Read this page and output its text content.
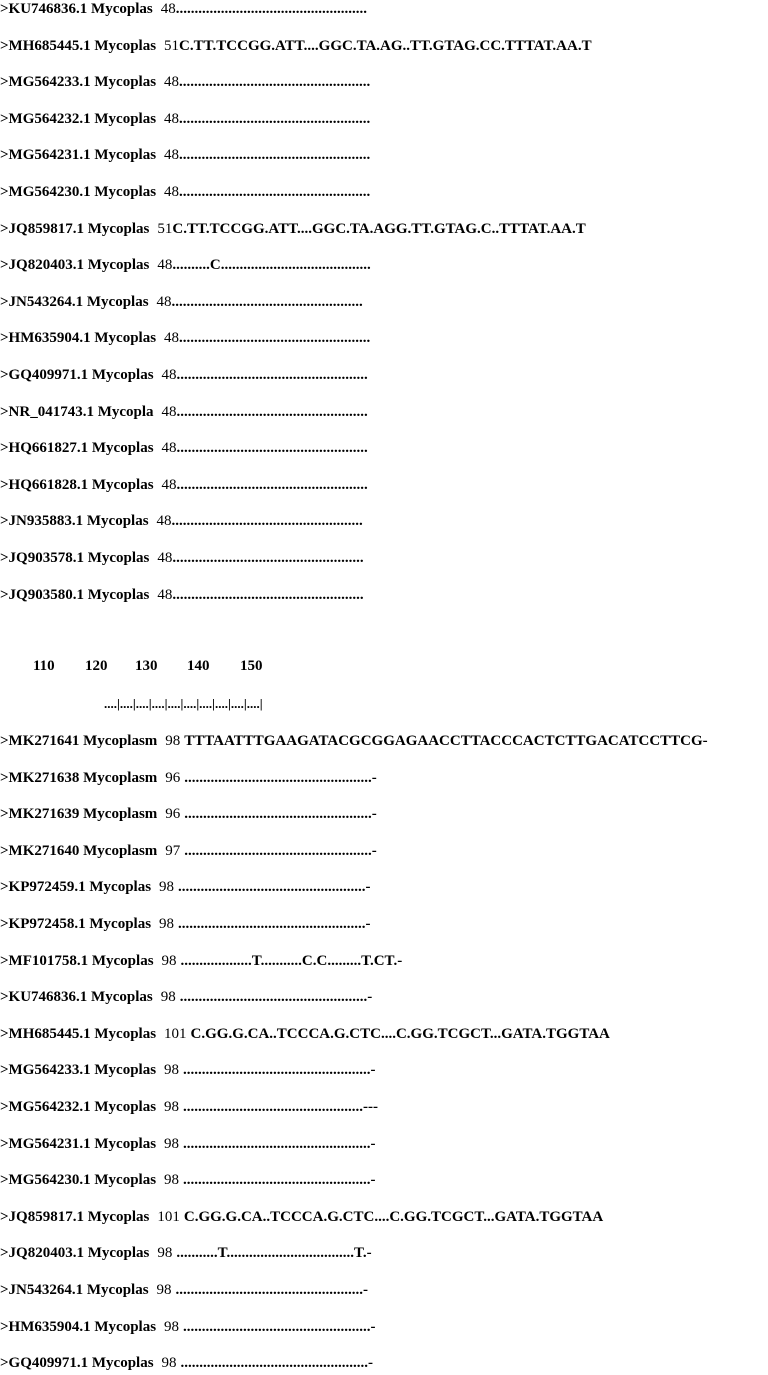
>KU746836.1 Mycoplas 48...................................................
>MH685445.1 Mycoplas 51C.TT.TCCGG.ATT....GGC.TA.AG..TT.GTAG.CC.TTTAT.AA.T
>MG564233.1 Mycoplas 48...................................................
>MG564232.1 Mycoplas 48...................................................
>MG564231.1 Mycoplas 48...................................................
>MG564230.1 Mycoplas 48...................................................
>JQ859817.1 Mycoplas 51C.TT.TCCGG.ATT....GGC.TA.AGG.TT.GTAG.C..TTTAT.AA.T
>JQ820403.1 Mycoplas 48..........C........................................
>JN543264.1 Mycoplas 48...................................................
>HM635904.1 Mycoplas 48...................................................
>GQ409971.1 Mycoplas 48...................................................
>NR_041743.1 Mycopla 48...................................................
>HQ661827.1 Mycoplas 48...................................................
>HQ661828.1 Mycoplas 48...................................................
>JN935883.1 Mycoplas 48...................................................
>JQ903578.1 Mycoplas 48...................................................
>JQ903580.1 Mycoplas 48...................................................
110 120 130 140 150
....|....|....|....|....|....|....|....|....|....|
>MK271641 Mycoplasm 98 TTTAATTTGAAGATACGCGGAGAACCTTACCCACTCTTGACATCCTTCG-
>MK271638 Mycoplasm 96 ..................................................-
>MK271639 Mycoplasm 96 ..................................................-
>MK271640 Mycoplasm 97 ..................................................-
>KP972459.1 Mycoplas 98 ..................................................-
>KP972458.1 Mycoplas 98 ..................................................-
>MF101758.1 Mycoplas 98 ...................T...........C.C.........T.CT.-
>KU746836.1 Mycoplas 98 ..................................................-
>MH685445.1 Mycoplas 101 C.GG.G.CA..TCCCA.G.CTC....C.GG.TCGCT...GATA.TGGTAA
>MG564233.1 Mycoplas 98 ..................................................-
>MG564232.1 Mycoplas 98 ................................................---
>MG564231.1 Mycoplas 98 ..................................................-
>MG564230.1 Mycoplas 98 ..................................................-
>JQ859817.1 Mycoplas 101 C.GG.G.CA..TCCCA.G.CTC....C.GG.TCGCT...GATA.TGGTAA
>JQ820403.1 Mycoplas 98 ...........T..................................T.-
>JN543264.1 Mycoplas 98 ..................................................-
>HM635904.1 Mycoplas 98 ..................................................-
>GQ409971.1 Mycoplas 98 ..................................................-
